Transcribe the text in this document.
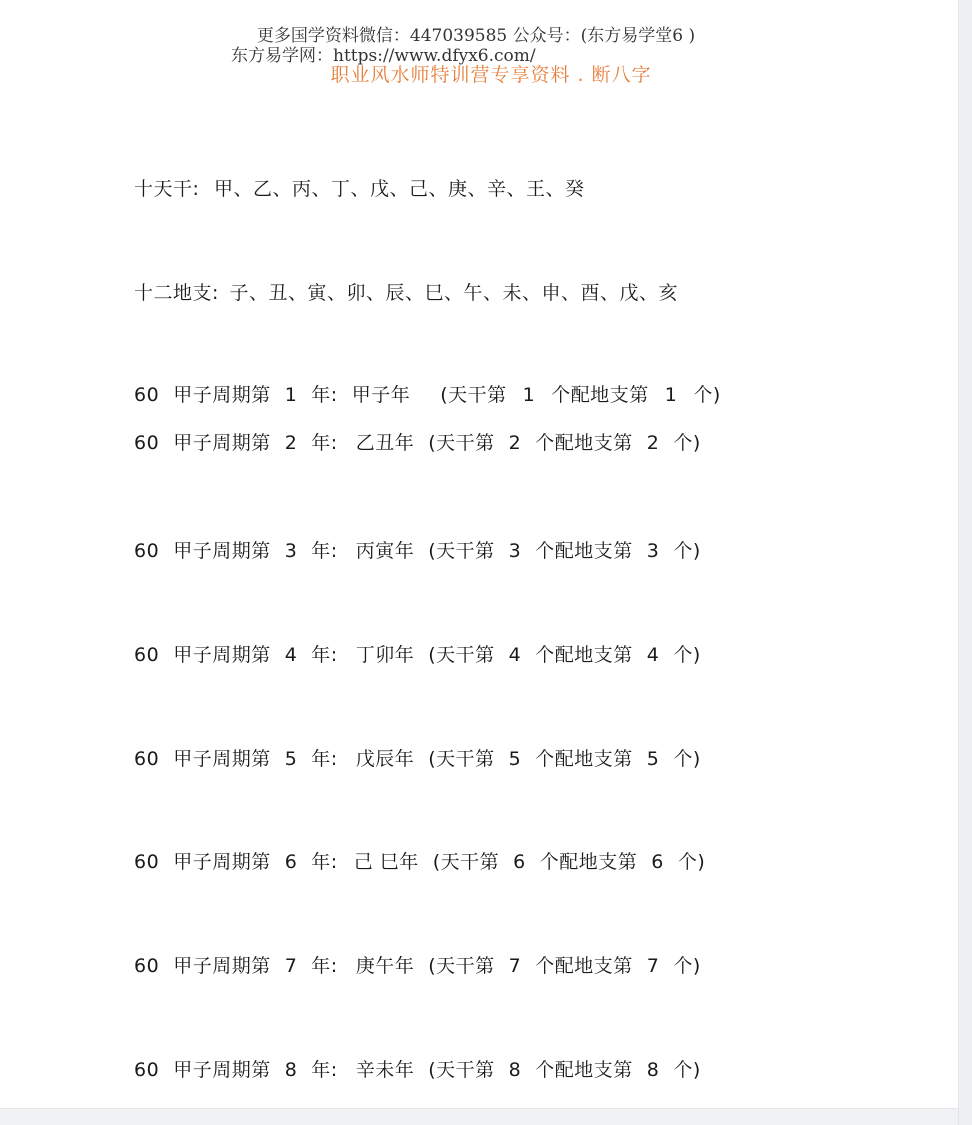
更多国学资料微信：447039585 公众号：(东方易学堂6 )
东方易学网：https://www.dfyx6.com/
职业风水师特训营专享资料 . 断八字
十天干: 甲、乙、丙、丁、戊、己、庚、辛、王、癸
十二地支: 子、丑、寅、卯、辰、巳、午、未、申、酉、戊、亥
60 甲子周期第 1 年: 甲子年 (天干第 1 个配地支第 1 个)
60 甲子周期第 2 年: 乙丑年 (天干第 2 个配地支第 2 个)
60 甲子周期第 3 年: 丙寅年 (天干第 3 个配地支第 3 个)
60 甲子周期第 4 年: 丁卯年 (天干第 4 个配地支第 4 个)
60 甲子周期第 5 年: 戊辰年 (天干第 5 个配地支第 5 个)
60 甲子周期第 6 年: 己 巳年 (天干第 6 个配地支第 6 个)
60 甲子周期第 7 年: 庚午年 (天干第 7 个配地支第 7 个)
60 甲子周期第 8 年: 辛未年 (天干第 8 个配地支第 8 个)
